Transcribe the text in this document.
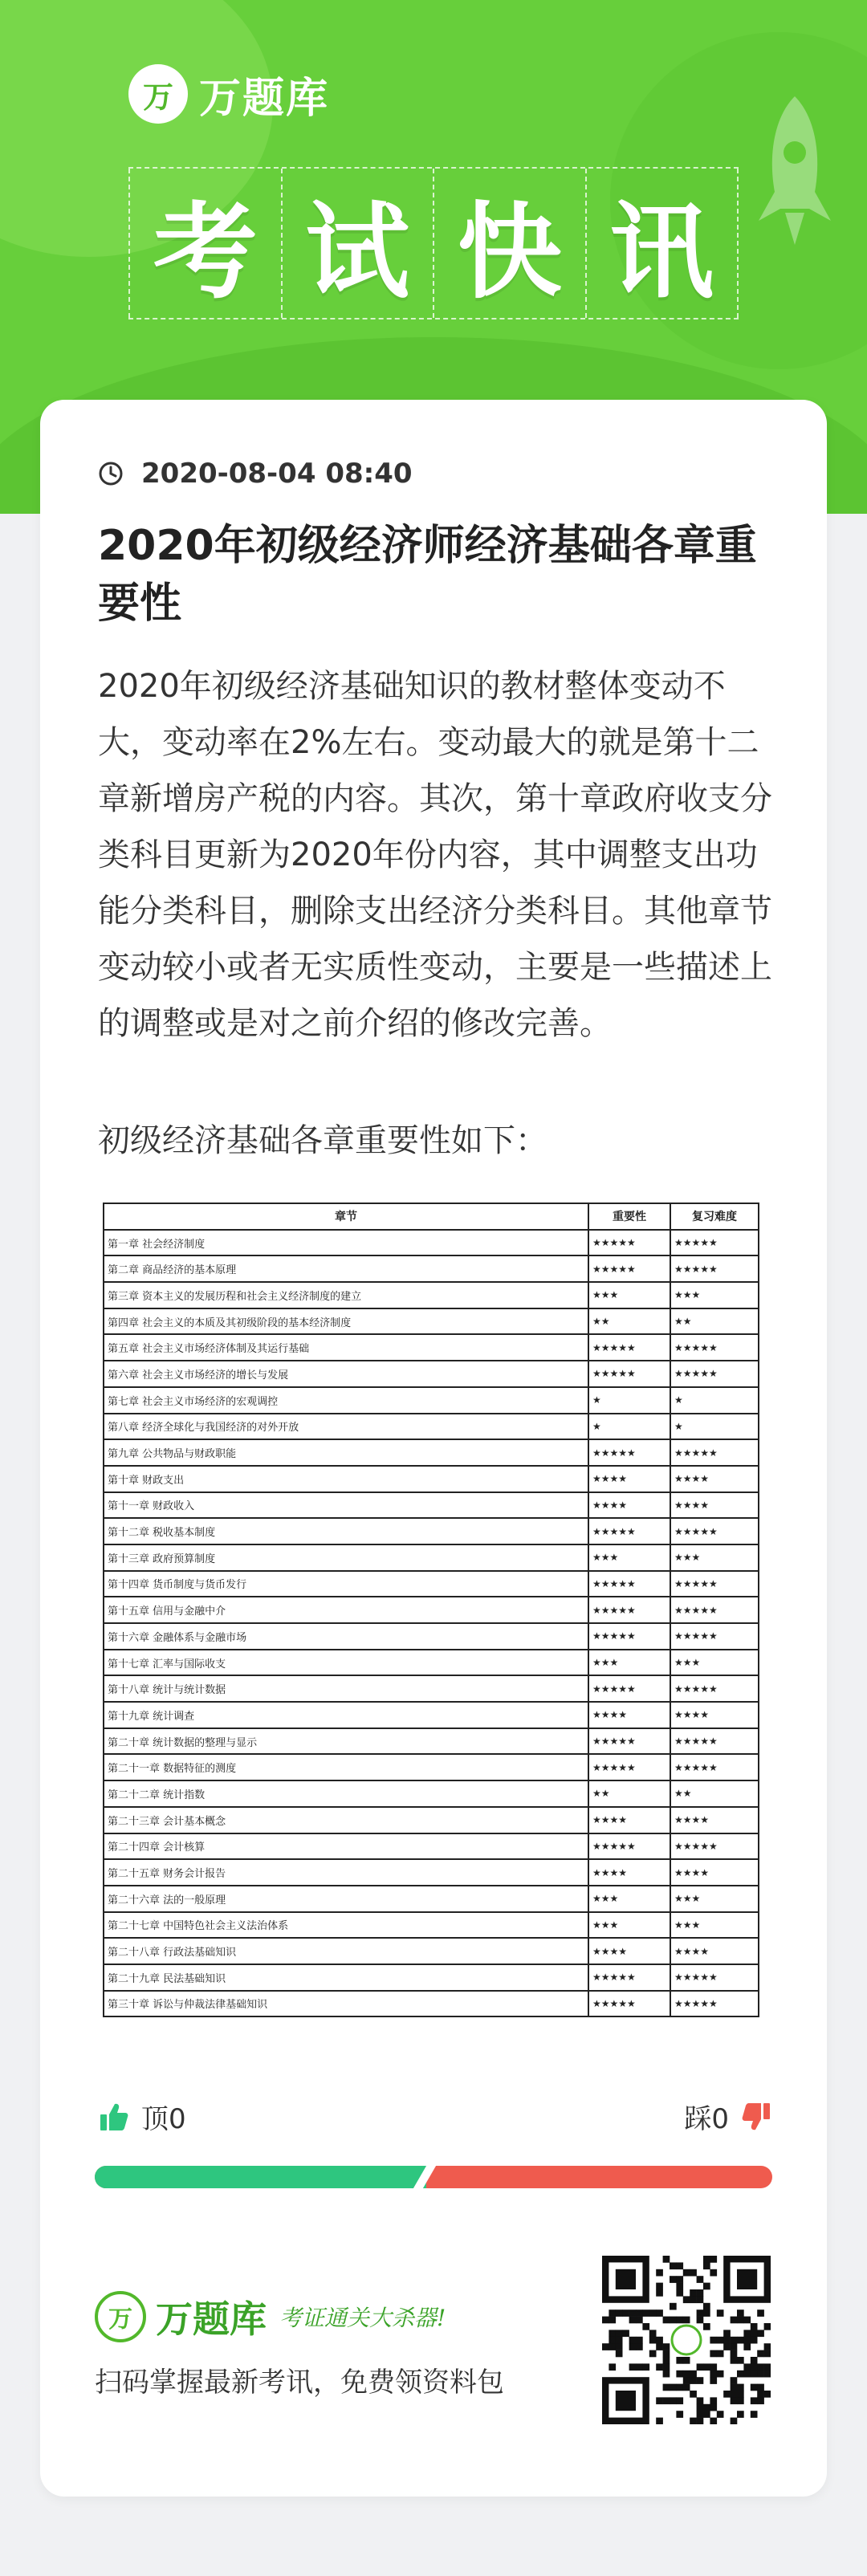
万 万题库
考 试 快 讯
2020-08-04 08:40
2020年初级经济师经济基础各章重要性
2020年初级经济基础知识的教材整体变动不大，变动率在2%左右。变动最大的就是第十二章新增房产税的内容。其次，第十章政府收支分类科目更新为2020年份内容，其中调整支出功能分类科目，删除支出经济分类科目。其他章节变动较小或者无实质性变动，主要是一些描述上的调整或是对之前介绍的修改完善。
初级经济基础各章重要性如下：
章节	重要性	复习难度
第一章 社会经济制度	★★★★★	★★★★★
第二章 商品经济的基本原理	★★★★★	★★★★★
第三章 资本主义的发展历程和社会主义经济制度的建立	★★★	★★★
第四章 社会主义的本质及其初级阶段的基本经济制度	★★	★★
第五章 社会主义市场经济体制及其运行基础	★★★★★	★★★★★
第六章 社会主义市场经济的增长与发展	★★★★★	★★★★★
第七章 社会主义市场经济的宏观调控	★	★
第八章 经济全球化与我国经济的对外开放	★	★
第九章 公共物品与财政职能	★★★★★	★★★★★
第十章 财政支出	★★★★	★★★★
第十一章 财政收入	★★★★	★★★★
第十二章 税收基本制度	★★★★★	★★★★★
第十三章 政府预算制度	★★★	★★★
第十四章 货币制度与货币发行	★★★★★	★★★★★
第十五章 信用与金融中介	★★★★★	★★★★★
第十六章 金融体系与金融市场	★★★★★	★★★★★
第十七章 汇率与国际收支	★★★	★★★
第十八章 统计与统计数据	★★★★★	★★★★★
第十九章 统计调查	★★★★	★★★★
第二十章 统计数据的整理与显示	★★★★★	★★★★★
第二十一章 数据特征的测度	★★★★★	★★★★★
第二十二章 统计指数	★★	★★
第二十三章 会计基本概念	★★★★	★★★★
第二十四章 会计核算	★★★★★	★★★★★
第二十五章 财务会计报告	★★★★	★★★★
第二十六章 法的一般原理	★★★	★★★
第二十七章 中国特色社会主义法治体系	★★★	★★★
第二十八章 行政法基础知识	★★★★	★★★★
第二十九章 民法基础知识	★★★★★	★★★★★
第三十章 诉讼与仲裁法律基础知识	★★★★★	★★★★★
顶0	踩0
万 万题库 考证通关大杀器!
扫码掌握最新考讯，免费领资料包
